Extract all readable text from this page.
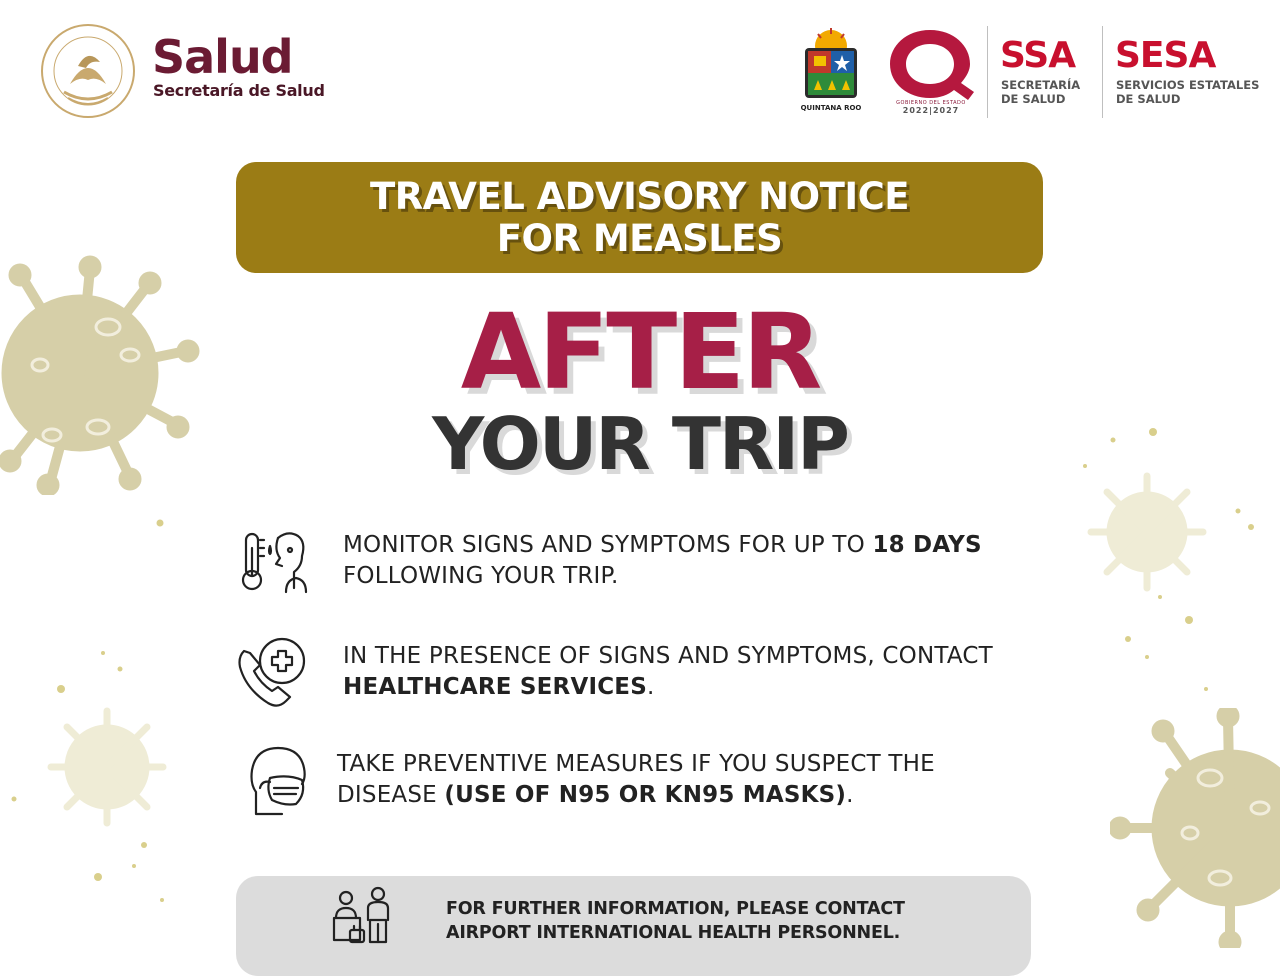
Salud
Secretaría de Salud
QUINTANA ROO
GOBIERNO DEL ESTADO
2022|2027
SSA
SECRETARÍA
DE SALUD
SESA
SERVICIOS ESTATALES
DE SALUD
TRAVEL ADVISORY NOTICE
FOR MEASLES
AFTER
YOUR TRIP
MONITOR SIGNS AND SYMPTOMS FOR UP TO 18 DAYS
FOLLOWING YOUR TRIP.
IN THE PRESENCE OF SIGNS AND SYMPTOMS, CONTACT
HEALTHCARE SERVICES.
TAKE PREVENTIVE MEASURES IF YOU SUSPECT THE
DISEASE (USE OF N95 OR KN95 MASKS).
FOR FURTHER INFORMATION, PLEASE CONTACT
AIRPORT INTERNATIONAL HEALTH PERSONNEL.
